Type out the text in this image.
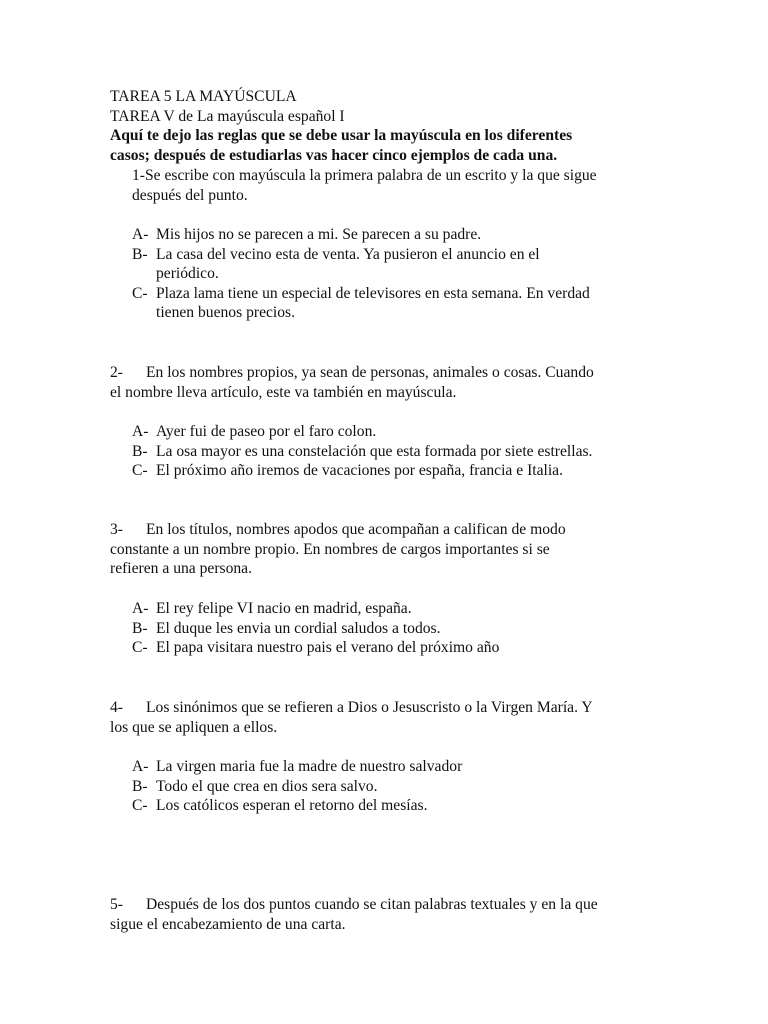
TAREA 5 LA MAYÚSCULA
TAREA V de La mayúscula español I
Aquí te dejo las reglas que se debe usar la mayúscula en los diferentes
casos; después de estudiarlas vas hacer cinco ejemplos de cada una.
1-Se escribe con mayúscula la primera palabra de un escrito y la que sigue
después del punto.
A- Mis hijos no se parecen a mi. Se parecen a su padre.
B- La casa del vecino esta de venta. Ya pusieron el anuncio en el
periódico.
C- Plaza lama tiene un especial de televisores en esta semana. En verdad
tienen buenos precios.
2- En los nombres propios, ya sean de personas, animales o cosas. Cuando
el nombre lleva artículo, este va también en mayúscula.
A- Ayer fui de paseo por el faro colon.
B- La osa mayor es una constelación que esta formada por siete estrellas.
C- El próximo año iremos de vacaciones por españa, francia e Italia.
3- En los títulos, nombres apodos que acompañan a califican de modo
constante a un nombre propio. En nombres de cargos importantes si se
refieren a una persona.
A- El rey felipe VI nacio en madrid, españa.
B- El duque les envia un cordial saludos a todos.
C- El papa visitara nuestro pais el verano del próximo año
4- Los sinónimos que se refieren a Dios o Jesuscristo o la Virgen María. Y
los que se apliquen a ellos.
A- La virgen maria fue la madre de nuestro salvador
B- Todo el que crea en dios sera salvo.
C- Los católicos esperan el retorno del mesías.
5- Después de los dos puntos cuando se citan palabras textuales y en la que
sigue el encabezamiento de una carta.
